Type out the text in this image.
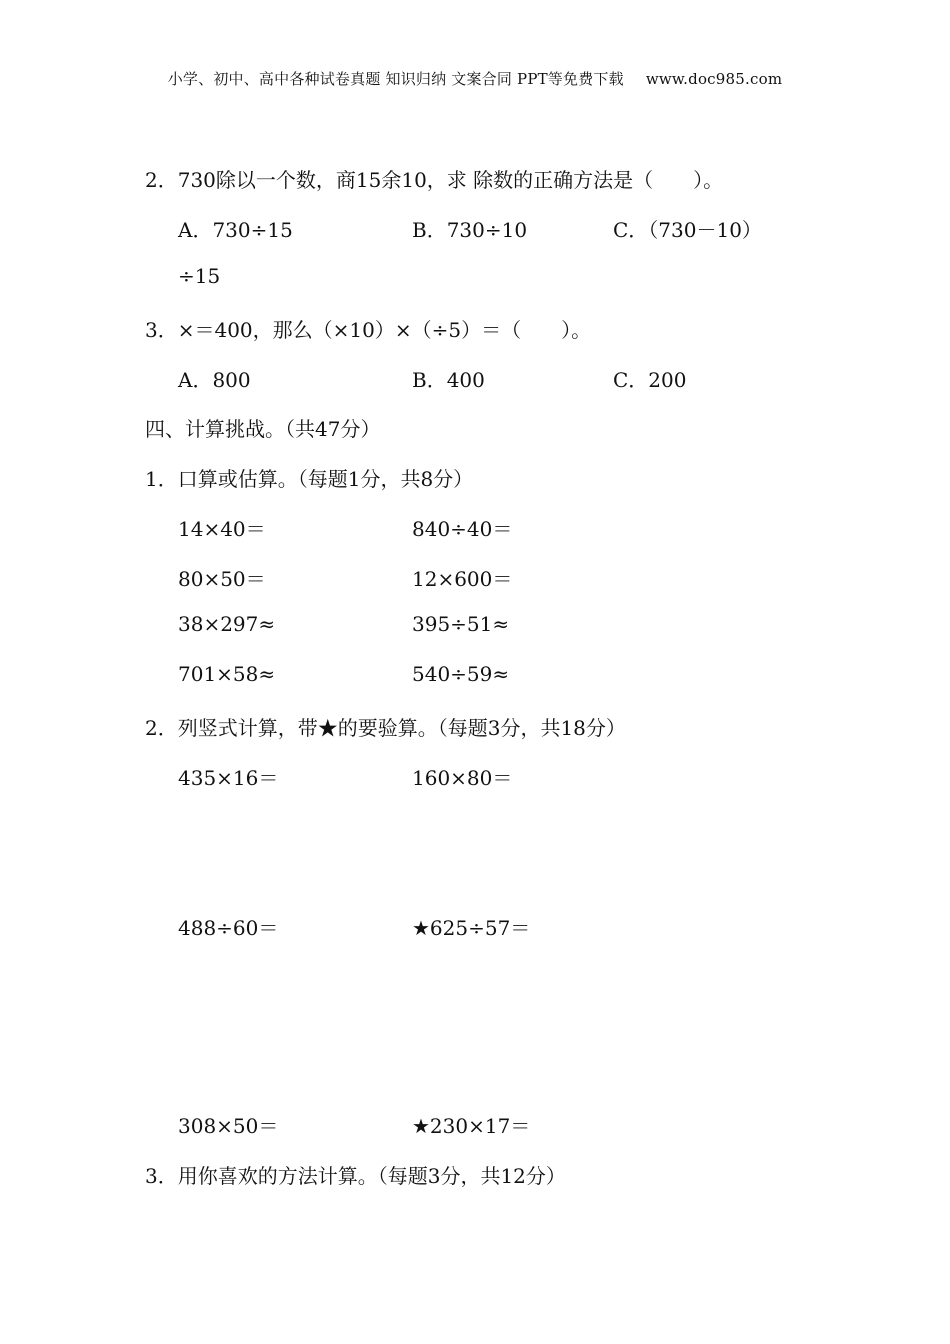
小学、初中、高中各种试卷真题 知识归纳 文案合同 PPT等免费下载 www.doc985.com
2．730除以一个数，商15余10，求 除数的正确方法是（　　）。
A．730÷15	B．730÷10	C．（730－10）
÷15
3．×＝400，那么（×10）×（÷5）＝（　　）。
A．800	B．400	C．200
四、计算挑战。（共47分）
1．口算或估算。（每题1分，共8分）
14×40＝	840÷40＝
80×50＝	12×600＝
38×297≈	395÷51≈
701×58≈	540÷59≈
2．列竖式计算，带★的要验算。（每题3分，共18分）
435×16＝	160×80＝
488÷60＝	★625÷57＝
308×50＝	★230×17＝
3．用你喜欢的方法计算。（每题3分，共12分）
